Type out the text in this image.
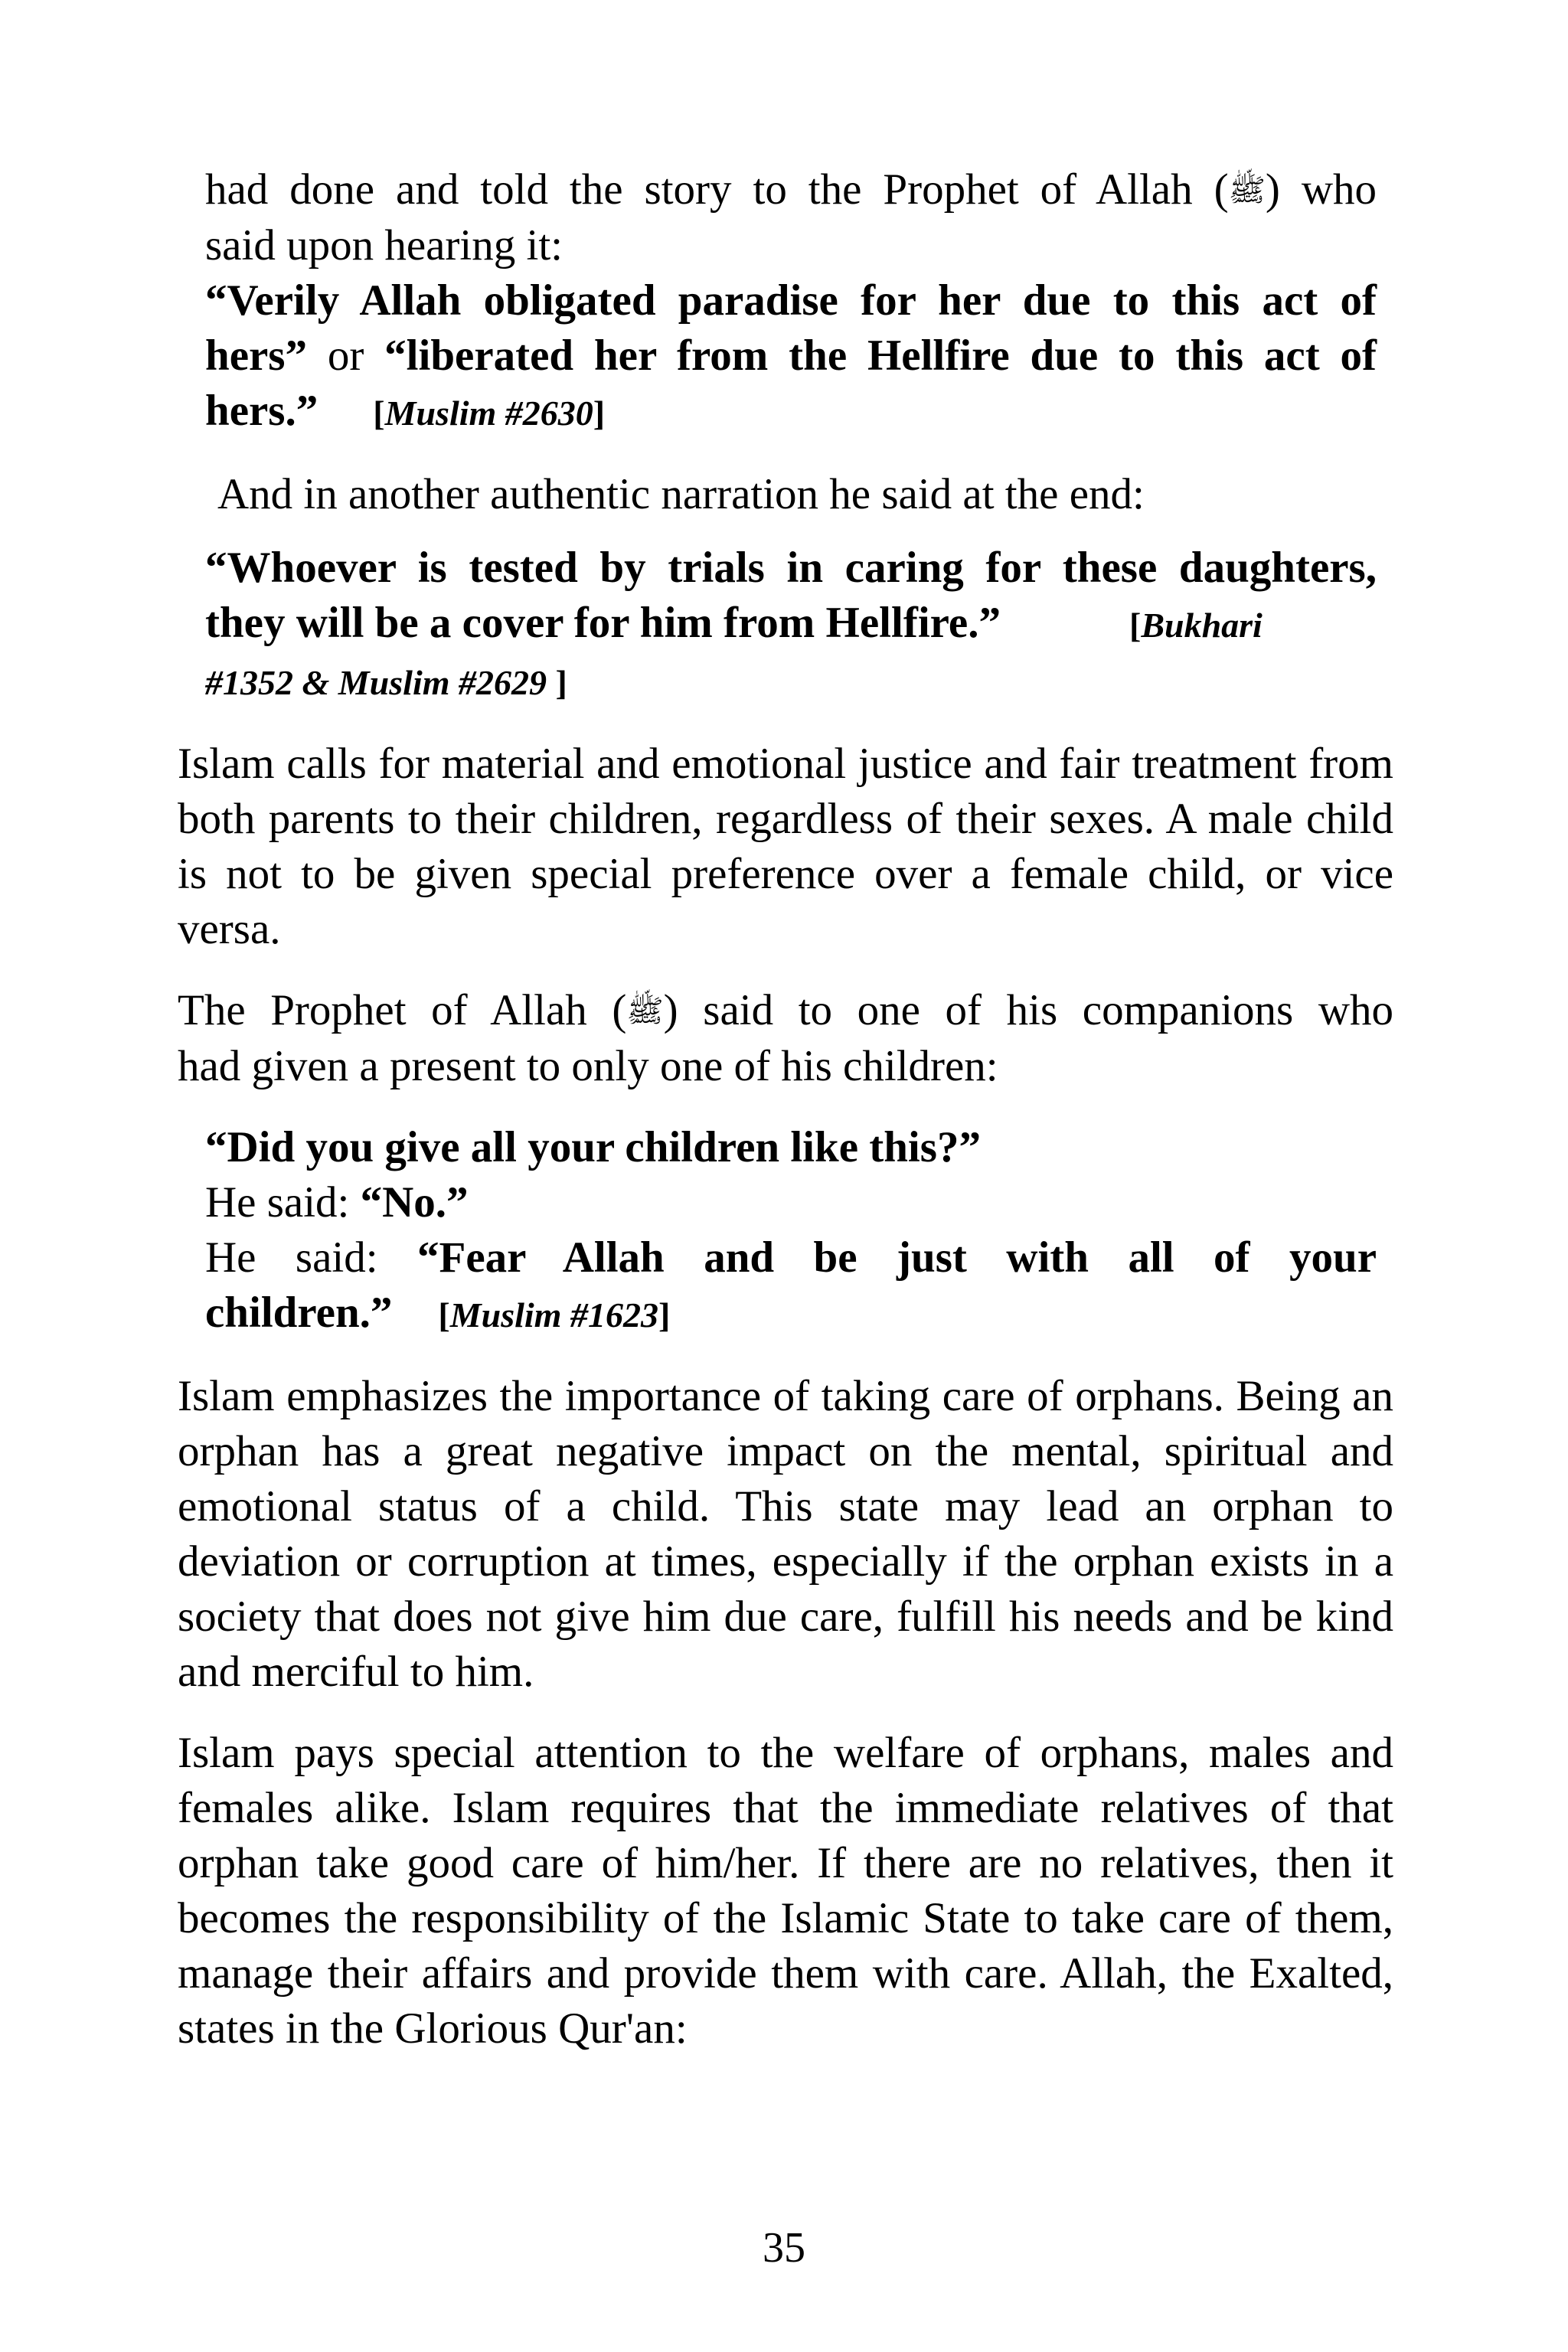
had done and told the story to the Prophet of Allah (ﷺ) who
said upon hearing it:
“Verily Allah obligated paradise for her due to this act of
hers” or “liberated her from the Hellfire due to this act of
hers.” [Muslim #2630]
And in another authentic narration he said at the end:
“Whoever is tested by trials in caring for these daughters,
they will be a cover for him from Hellfire.”	[Bukhari
#1352 & Muslim #2629 ]

Islam calls for material and emotional justice and fair treatment from both parents to their children, regardless of their sexes. A male child is not to be given special preference over a female child, or vice versa.

The Prophet of Allah (ﷺ) said to one of his companions who
had given a present to only one of his children:
“Did you give all your children like this?”
He said: “No.”
He said: “Fear Allah and be just with all of your
children.” [Muslim #1623]

Islam emphasizes the importance of taking care of orphans. Being an orphan has a great negative impact on the mental, spiritual and emotional status of a child. This state may lead an orphan to deviation or corruption at times, especially if the orphan exists in a society that does not give him due care, fulfill his needs and be kind and merciful to him.

Islam pays special attention to the welfare of orphans, males and females alike. Islam requires that the immediate relatives of that orphan take good care of him/her. If there are no relatives, then it becomes the responsibility of the Islamic State to take care of them, manage their affairs and provide them with care. Allah, the Exalted, states in the Glorious Qur'an:

35
